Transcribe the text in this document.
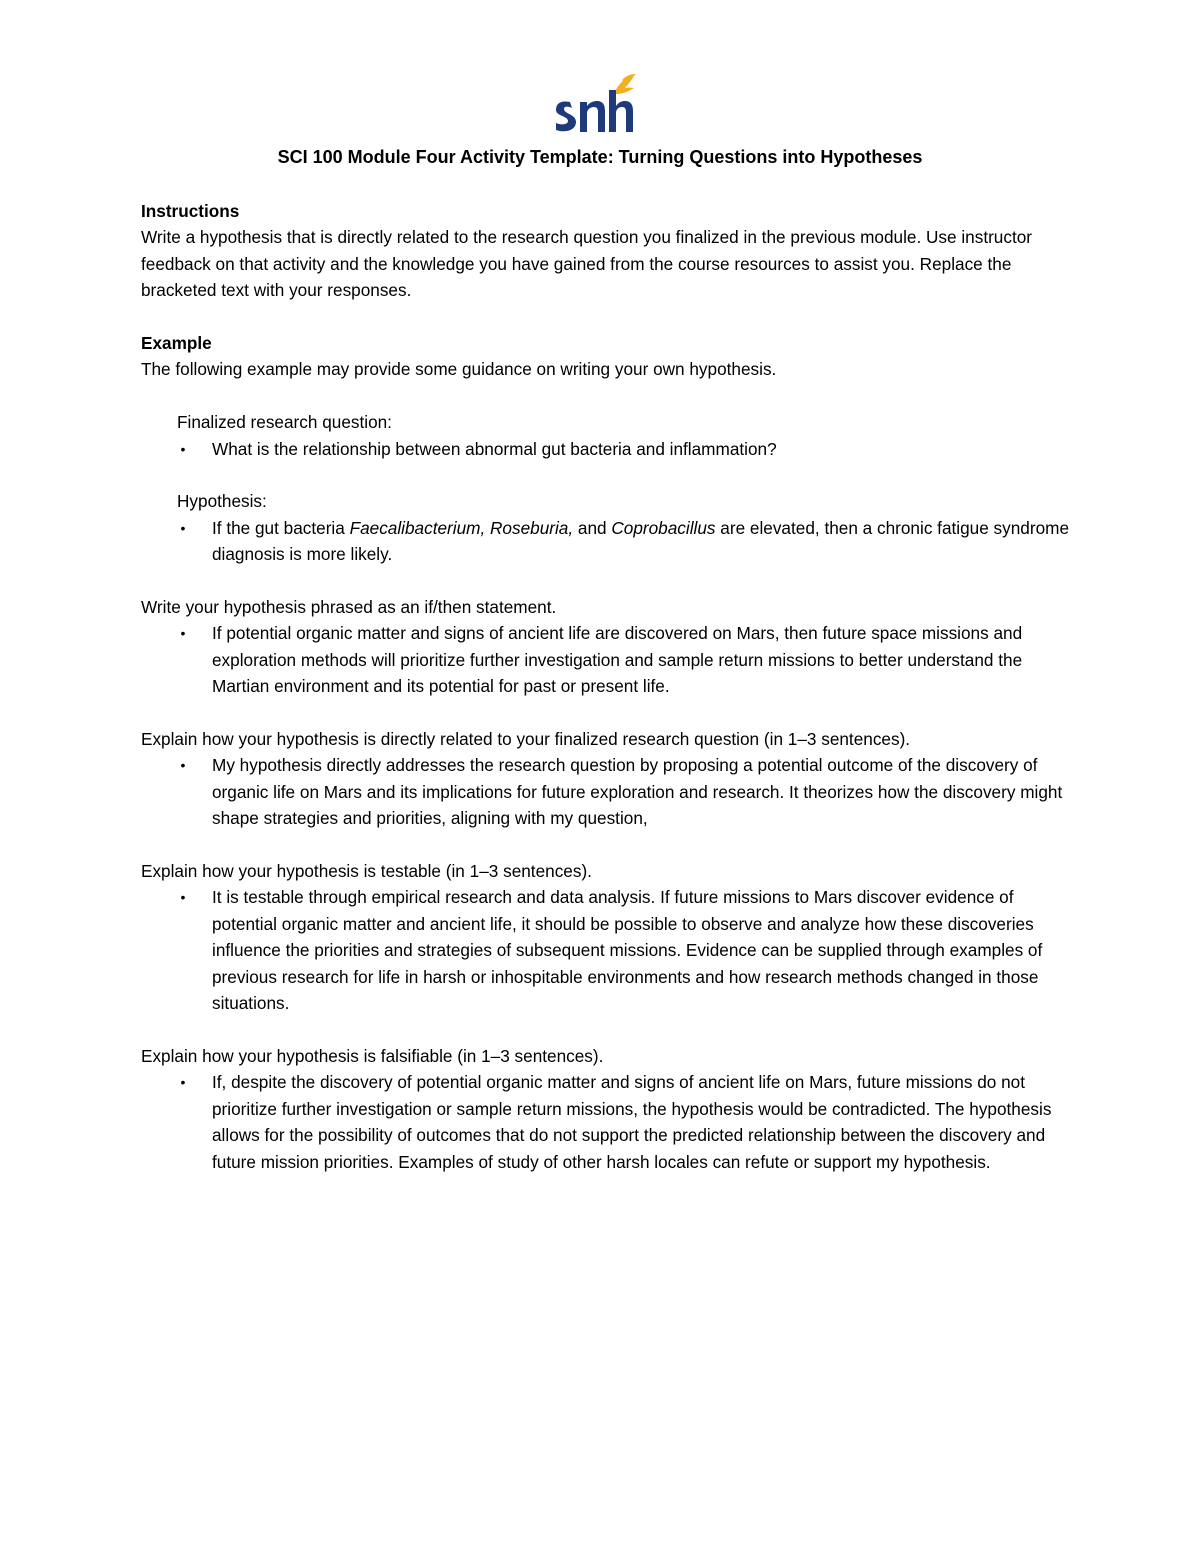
SCI 100 Module Four Activity Template: Turning Questions into Hypotheses

Instructions

Write a hypothesis that is directly related to the research question you finalized in the previous module. Use instructor feedback on that activity and the knowledge you have gained from the course resources to assist you. Replace the bracketed text with your responses.

Example

The following example may provide some guidance on writing your own hypothesis.

Finalized research question:

• What is the relationship between abnormal gut bacteria and inflammation?

Hypothesis:

• If the gut bacteria Faecalibacterium, Roseburia, and Coprobacillus are elevated, then a chronic fatigue syndrome diagnosis is more likely.

Write your hypothesis phrased as an if/then statement.

• If potential organic matter and signs of ancient life are discovered on Mars, then future space missions and exploration methods will prioritize further investigation and sample return missions to better understand the Martian environment and its potential for past or present life.

Explain how your hypothesis is directly related to your finalized research question (in 1–3 sentences).

• My hypothesis directly addresses the research question by proposing a potential outcome of the discovery of organic life on Mars and its implications for future exploration and research. It theorizes how the discovery might shape strategies and priorities, aligning with my question,

Explain how your hypothesis is testable (in 1–3 sentences).

• It is testable through empirical research and data analysis. If future missions to Mars discover evidence of potential organic matter and ancient life, it should be possible to observe and analyze how these discoveries influence the priorities and strategies of subsequent missions. Evidence can be supplied through examples of previous research for life in harsh or inhospitable environments and how research methods changed in those situations.

Explain how your hypothesis is falsifiable (in 1–3 sentences).

• If, despite the discovery of potential organic matter and signs of ancient life on Mars, future missions do not prioritize further investigation or sample return missions, the hypothesis would be contradicted. The hypothesis allows for the possibility of outcomes that do not support the predicted relationship between the discovery and future mission priorities. Examples of study of other harsh locales can refute or support my hypothesis.
